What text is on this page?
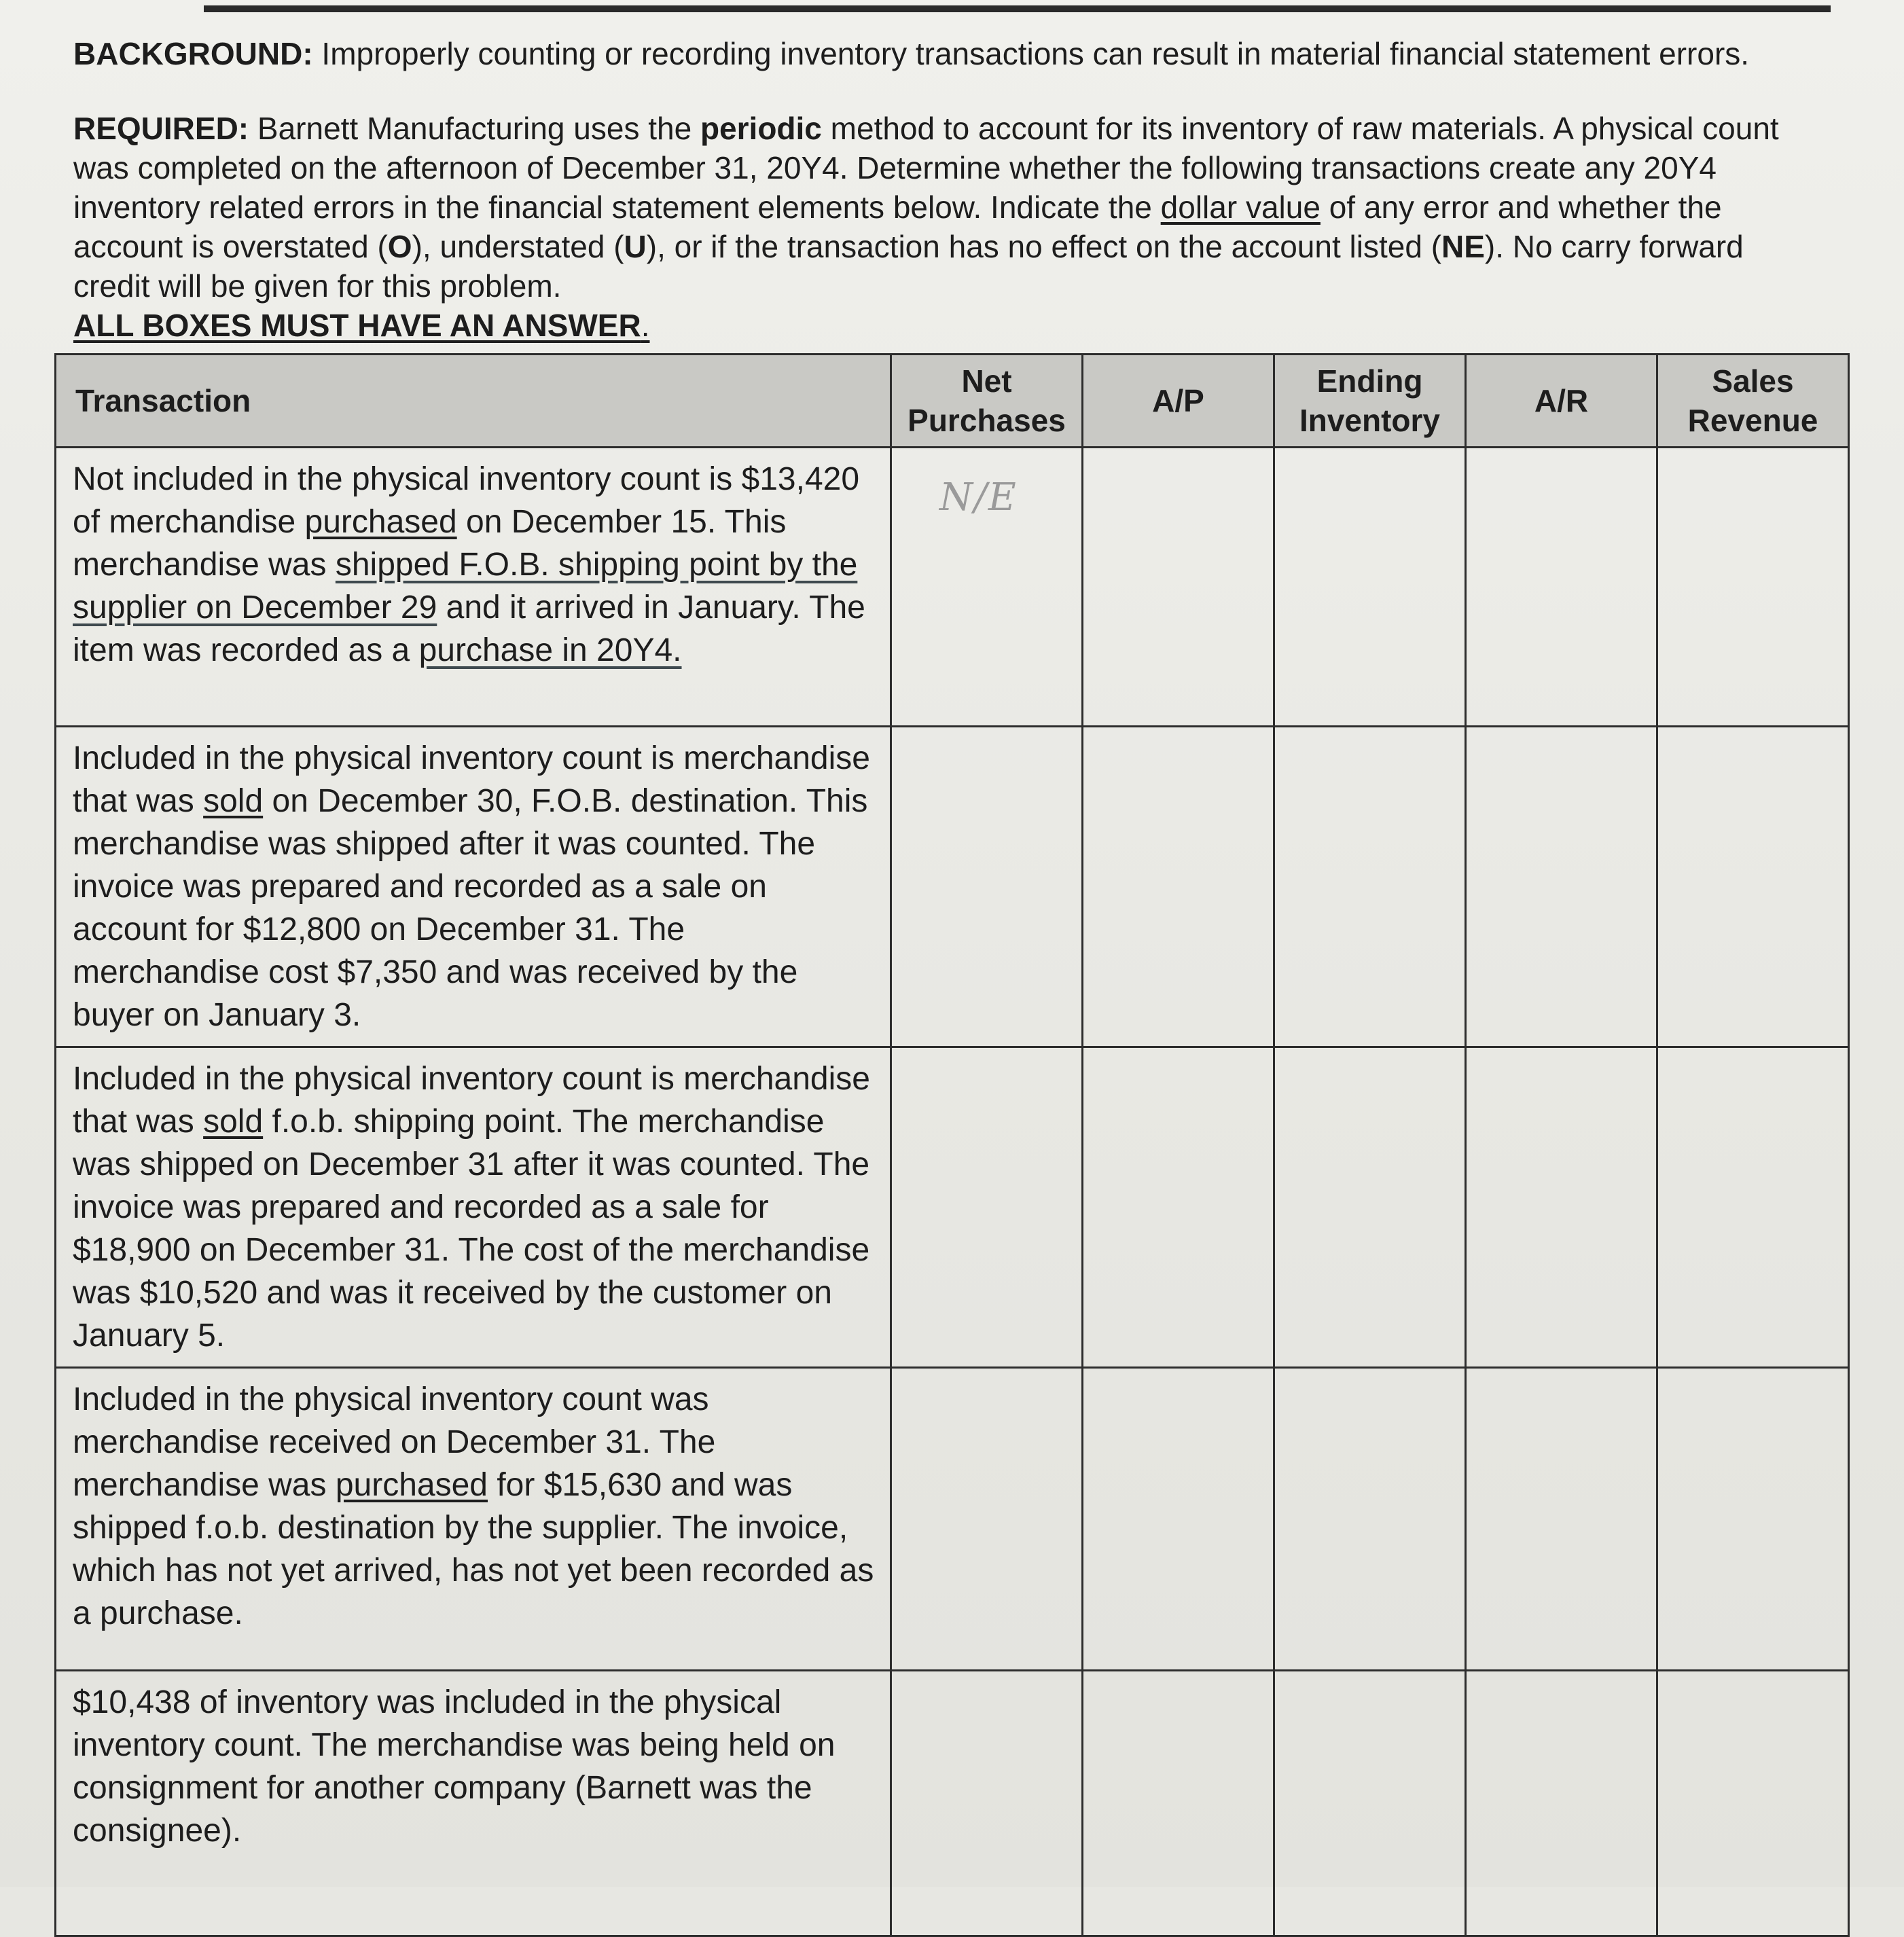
BACKGROUND: Improperly counting or recording inventory transactions can result in material financial statement errors.

REQUIRED: Barnett Manufacturing uses the periodic method to account for its inventory of raw materials. A physical count was completed on the afternoon of December 31, 20Y4. Determine whether the following transactions create any 20Y4 inventory related errors in the financial statement elements below. Indicate the dollar value of any error and whether the account is overstated (O), understated (U), or if the transaction has no effect on the account listed (NE). No carry forward credit will be given for this problem.
ALL BOXES MUST HAVE AN ANSWER.

Transaction	Net Purchases	A/P	Ending Inventory	A/R	Sales Revenue
Not included in the physical inventory count is $13,420 of merchandise purchased on December 15. This merchandise was shipped F.O.B. shipping point by the supplier on December 29 and it arrived in January. The item was recorded as a purchase in 20Y4.	N/E				

Included in the physical inventory count is merchandise that was sold on December 30, F.O.B. destination. This merchandise was shipped after it was counted. The invoice was prepared and recorded as a sale on account for $12,800 on December 31. The merchandise cost $7,350 and was received by the buyer on January 3.					
Included in the physical inventory count is merchandise that was sold f.o.b. shipping point. The merchandise was shipped on December 31 after it was counted. The invoice was prepared and recorded as a sale for $18,900 on December 31. The cost of the merchandise was $10,520 and was it received by the customer on January 5.					
Included in the physical inventory count was merchandise received on December 31. The merchandise was purchased for $15,630 and was shipped f.o.b. destination by the supplier. The invoice, which has not yet arrived, has not yet been recorded as a purchase.					
$10,438 of inventory was included in the physical inventory count. The merchandise was being held on consignment for another company (Barnett was the consignee).					
